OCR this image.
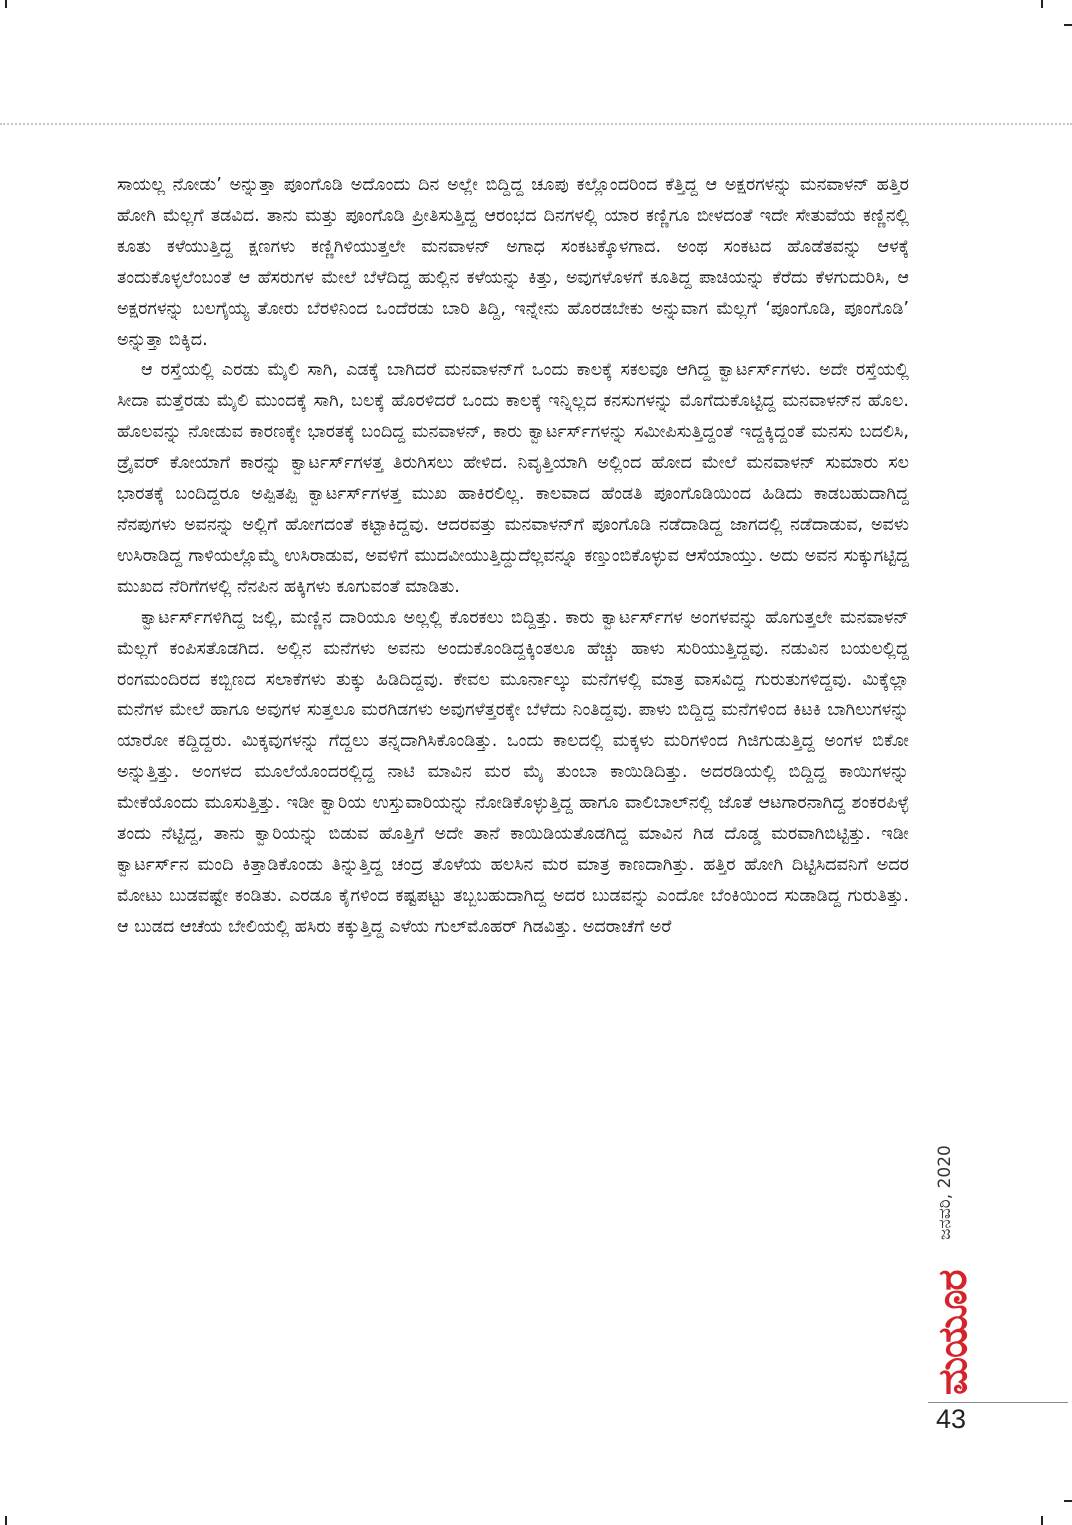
ಸಾಯಲ್ಲ ನೋಡು’ ಅನ್ನುತ್ತಾ ಪೂಂಗೊಡಿ ಅದೊಂದು ದಿನ ಅಲ್ಲೇ ಬಿದ್ದಿದ್ದ ಚೂಪು ಕಲ್ಲೊಂದರಿಂದ ಕೆತ್ತಿದ್ದ ಆ ಅಕ್ಷರಗಳನ್ನು ಮನವಾಳನ್ ಹತ್ತಿರ ಹೋಗಿ ಮೆಲ್ಲಗೆ ತಡವಿದ. ತಾನು ಮತ್ತು ಪೂಂಗೊಡಿ ಪ್ರೀತಿಸುತ್ತಿದ್ದ ಆರಂಭದ ದಿನಗಳಲ್ಲಿ ಯಾರ ಕಣ್ಣಿಗೂ ಬೀಳದಂತೆ ಇದೇ ಸೇತುವೆಯ ಕಣ್ಣಿನಲ್ಲಿ ಕೂತು ಕಳೆಯುತ್ತಿದ್ದ ಕ್ಷಣಗಳು ಕಣ್ಣಿಗಿಳಿಯುತ್ತಲೇ ಮನವಾಳನ್ ಅಗಾಧ ಸಂಕಟಕ್ಕೊಳಗಾದ. ಅಂಥ ಸಂಕಟದ ಹೊಡೆತವನ್ನು ಆಳಕ್ಕೆ ತಂದುಕೊಳ್ಳಲೆಂಬಂತೆ ಆ ಹೆಸರುಗಳ ಮೇಲೆ ಬೆಳೆದಿದ್ದ ಹುಲ್ಲಿನ ಕಳೆಯನ್ನು ಕಿತ್ತು, ಅವುಗಳೊಳಗೆ ಕೂತಿದ್ದ ಪಾಚಿಯನ್ನು ಕೆರೆದು ಕೆಳಗುದುರಿಸಿ, ಆ ಅಕ್ಷರಗಳನ್ನು ಬಲಗೈಯ್ಯ ತೋರು ಬೆರಳಿನಿಂದ ಒಂದೆರಡು ಬಾರಿ ತಿದ್ದಿ, ಇನ್ನೇನು ಹೊರಡಬೇಕು ಅನ್ನುವಾಗ ಮೆಲ್ಲಗೆ ‘ಪೂಂಗೊಡಿ, ಪೂಂಗೊಡಿ’ ಅನ್ನುತ್ತಾ ಬಿಕ್ಕಿದ.

ಆ ರಸ್ತೆಯಲ್ಲಿ ಎರಡು ಮೈಲಿ ಸಾಗಿ, ಎಡಕ್ಕೆ ಬಾಗಿದರೆ ಮನವಾಳನ್‌ಗೆ ಒಂದು ಕಾಲಕ್ಕೆ ಸಕಲವೂ ಆಗಿದ್ದ ಕ್ವಾರ್ಟರ್ಸ್‌ಗಳು. ಅದೇ ರಸ್ತೆಯಲ್ಲಿ ಸೀದಾ ಮತ್ತೆರಡು ಮೈಲಿ ಮುಂದಕ್ಕೆ ಸಾಗಿ, ಬಲಕ್ಕೆ ಹೊರಳಿದರೆ ಒಂದು ಕಾಲಕ್ಕೆ ಇನ್ನಿಲ್ಲದ ಕನಸುಗಳನ್ನು ಮೊಗೆದುಕೊಟ್ಟಿದ್ದ ಮನವಾಳನ್‌ನ ಹೊಲ. ಹೊಲವನ್ನು ನೋಡುವ ಕಾರಣಕ್ಕೇ ಭಾರತಕ್ಕೆ ಬಂದಿದ್ದ ಮನವಾಳನ್, ಕಾರು ಕ್ವಾರ್ಟರ್ಸ್‌ಗಳನ್ನು ಸಮೀಪಿಸುತ್ತಿದ್ದಂತೆ ಇದ್ದಕ್ಕಿದ್ದಂತೆ ಮನಸು ಬದಲಿಸಿ, ಡ್ರೈವರ್ ಕೋಯಾಗೆ ಕಾರನ್ನು ಕ್ವಾರ್ಟರ್ಸ್‌ಗಳತ್ತ ತಿರುಗಿಸಲು ಹೇಳಿದ. ನಿವೃತ್ತಿಯಾಗಿ ಅಲ್ಲಿಂದ ಹೋದ ಮೇಲೆ ಮನವಾಳನ್ ಸುಮಾರು ಸಲ ಭಾರತಕ್ಕೆ ಬಂದಿದ್ದರೂ ಅಪ್ಪಿತಪ್ಪಿ ಕ್ವಾರ್ಟರ್ಸ್‌ಗಳತ್ತ ಮುಖ ಹಾಕಿರಲಿಲ್ಲ. ಕಾಲವಾದ ಹೆಂಡತಿ ಪೂಂಗೊಡಿಯಿಂದ ಹಿಡಿದು ಕಾಡಬಹುದಾಗಿದ್ದ ನೆನಪುಗಳು ಅವನನ್ನು ಅಲ್ಲಿಗೆ ಹೋಗದಂತೆ ಕಟ್ಟಾಕಿದ್ದವು. ಆದರವತ್ತು ಮನವಾಳನ್‌ಗೆ ಪೂಂಗೊಡಿ ನಡೆದಾಡಿದ್ದ ಜಾಗದಲ್ಲಿ ನಡೆದಾಡುವ, ಅವಳು ಉಸಿರಾಡಿದ್ದ ಗಾಳಿಯಲ್ಲೊಮ್ಮೆ ಉಸಿರಾಡುವ, ಅವಳಿಗೆ ಮುದವೀಯುತ್ತಿದ್ದುದೆಲ್ಲವನ್ನೂ ಕಣ್ತುಂಬಿಕೊಳ್ಳುವ ಆಸೆಯಾಯ್ತು. ಅದು ಅವನ ಸುಕ್ಕುಗಟ್ಟಿದ್ದ ಮುಖದ ನೆರಿಗೆಗಳಲ್ಲಿ ನೆನಪಿನ ಹಕ್ಕಿಗಳು ಕೂಗುವಂತೆ ಮಾಡಿತು.

ಕ್ವಾರ್ಟರ್ಸ್‌ಗಳಿಗಿದ್ದ ಜಲ್ಲಿ, ಮಣ್ಣಿನ ದಾರಿಯೂ ಅಲ್ಲಲ್ಲಿ ಕೊರಕಲು ಬಿದ್ದಿತ್ತು. ಕಾರು ಕ್ವಾರ್ಟರ್ಸ್‌ಗಳ ಅಂಗಳವನ್ನು ಹೊಗುತ್ತಲೇ ಮನವಾಳನ್ ಮೆಲ್ಲಗೆ ಕಂಪಿಸತೊಡಗಿದ. ಅಲ್ಲಿನ ಮನೆಗಳು ಅವನು ಅಂದುಕೊಂಡಿದ್ದಕ್ಕಿಂತಲೂ ಹೆಚ್ಚು ಹಾಳು ಸುರಿಯುತ್ತಿದ್ದವು. ನಡುವಿನ ಬಯಲಲ್ಲಿದ್ದ ರಂಗಮಂದಿರದ ಕಬ್ಬಿಣದ ಸಲಾಕೆಗಳು ತುಕ್ಕು ಹಿಡಿದಿದ್ದವು. ಕೇವಲ ಮೂರ್ನಾಲ್ಕು ಮನೆಗಳಲ್ಲಿ ಮಾತ್ರ ವಾಸವಿದ್ದ ಗುರುತುಗಳಿದ್ದವು. ಮಿಕ್ಕೆಲ್ಲಾ ಮನೆಗಳ ಮೇಲೆ ಹಾಗೂ ಅವುಗಳ ಸುತ್ತಲೂ ಮರಗಿಡಗಳು ಅವುಗಳೆತ್ತರಕ್ಕೇ ಬೆಳೆದು ನಿಂತಿದ್ದವು. ಪಾಳು ಬಿದ್ದಿದ್ದ ಮನೆಗಳಿಂದ ಕಿಟಕಿ ಬಾಗಿಲುಗಳನ್ನು ಯಾರೋ ಕದ್ದಿದ್ದರು. ಮಿಕ್ಕವುಗಳನ್ನು ಗೆದ್ದಲು ತನ್ನದಾಗಿಸಿಕೊಂಡಿತ್ತು. ಒಂದು ಕಾಲದಲ್ಲಿ ಮಕ್ಕಳು ಮರಿಗಳಿಂದ ಗಿಜಿಗುಡುತ್ತಿದ್ದ ಅಂಗಳ ಬಿಕೋ ಅನ್ನುತ್ತಿತ್ತು. ಅಂಗಳದ ಮೂಲೆಯೊಂದರಲ್ಲಿದ್ದ ನಾಟಿ ಮಾವಿನ ಮರ ಮೈ ತುಂಬಾ ಕಾಯಿಡಿದಿತ್ತು. ಅದರಡಿಯಲ್ಲಿ ಬಿದ್ದಿದ್ದ ಕಾಯಿಗಳನ್ನು ಮೇಕೆಯೊಂದು ಮೂಸುತ್ತಿತ್ತು. ಇಡೀ ಕ್ವಾರಿಯ ಉಸ್ತುವಾರಿಯನ್ನು ನೋಡಿಕೊಳ್ಳುತ್ತಿದ್ದ ಹಾಗೂ ವಾಲಿಬಾಲ್‌ನಲ್ಲಿ ಜೊತೆ ಆಟಗಾರನಾಗಿದ್ದ ಶಂಕರಪಿಳ್ಳೆ ತಂದು ನೆಟ್ಟಿದ್ದ, ತಾನು ಕ್ವಾರಿಯನ್ನು ಬಿಡುವ ಹೊತ್ತಿಗೆ ಅದೇ ತಾನೆ ಕಾಯಿಡಿಯತೊಡಗಿದ್ದ ಮಾವಿನ ಗಿಡ ದೊಡ್ಡ ಮರವಾಗಿಬಿಟ್ಟಿತ್ತು. ಇಡೀ ಕ್ವಾರ್ಟರ್ಸ್‌ನ ಮಂದಿ ಕಿತ್ತಾಡಿಕೊಂಡು ತಿನ್ನುತ್ತಿದ್ದ ಚಂದ್ರ ತೊಳೆಯ ಹಲಸಿನ ಮರ ಮಾತ್ರ ಕಾಣದಾಗಿತ್ತು. ಹತ್ತಿರ ಹೋಗಿ ದಿಟ್ಟಿಸಿದವನಿಗೆ ಅದರ ಮೋಟು ಬುಡವಷ್ಟೇ ಕಂಡಿತು. ಎರಡೂ ಕೈಗಳಿಂದ ಕಷ್ಟಪಟ್ಟು ತಬ್ಬಬಹುದಾಗಿದ್ದ ಅದರ ಬುಡವನ್ನು ಎಂದೋ ಬೆಂಕಿಯಿಂದ ಸುಡಾಡಿದ್ದ ಗುರುತಿತ್ತು. ಆ ಬುಡದ ಆಚೆಯ ಬೇಲಿಯಲ್ಲಿ ಹಸಿರು ಕಕ್ಕುತ್ತಿದ್ದ ಎಳೆಯ ಗುಲ್‌ಮೊಹರ್ ಗಿಡವಿತ್ತು. ಅದರಾಚೆಗೆ ಅರೆ

ಜನವರಿ, 2020
ಮಯೂರ
43
